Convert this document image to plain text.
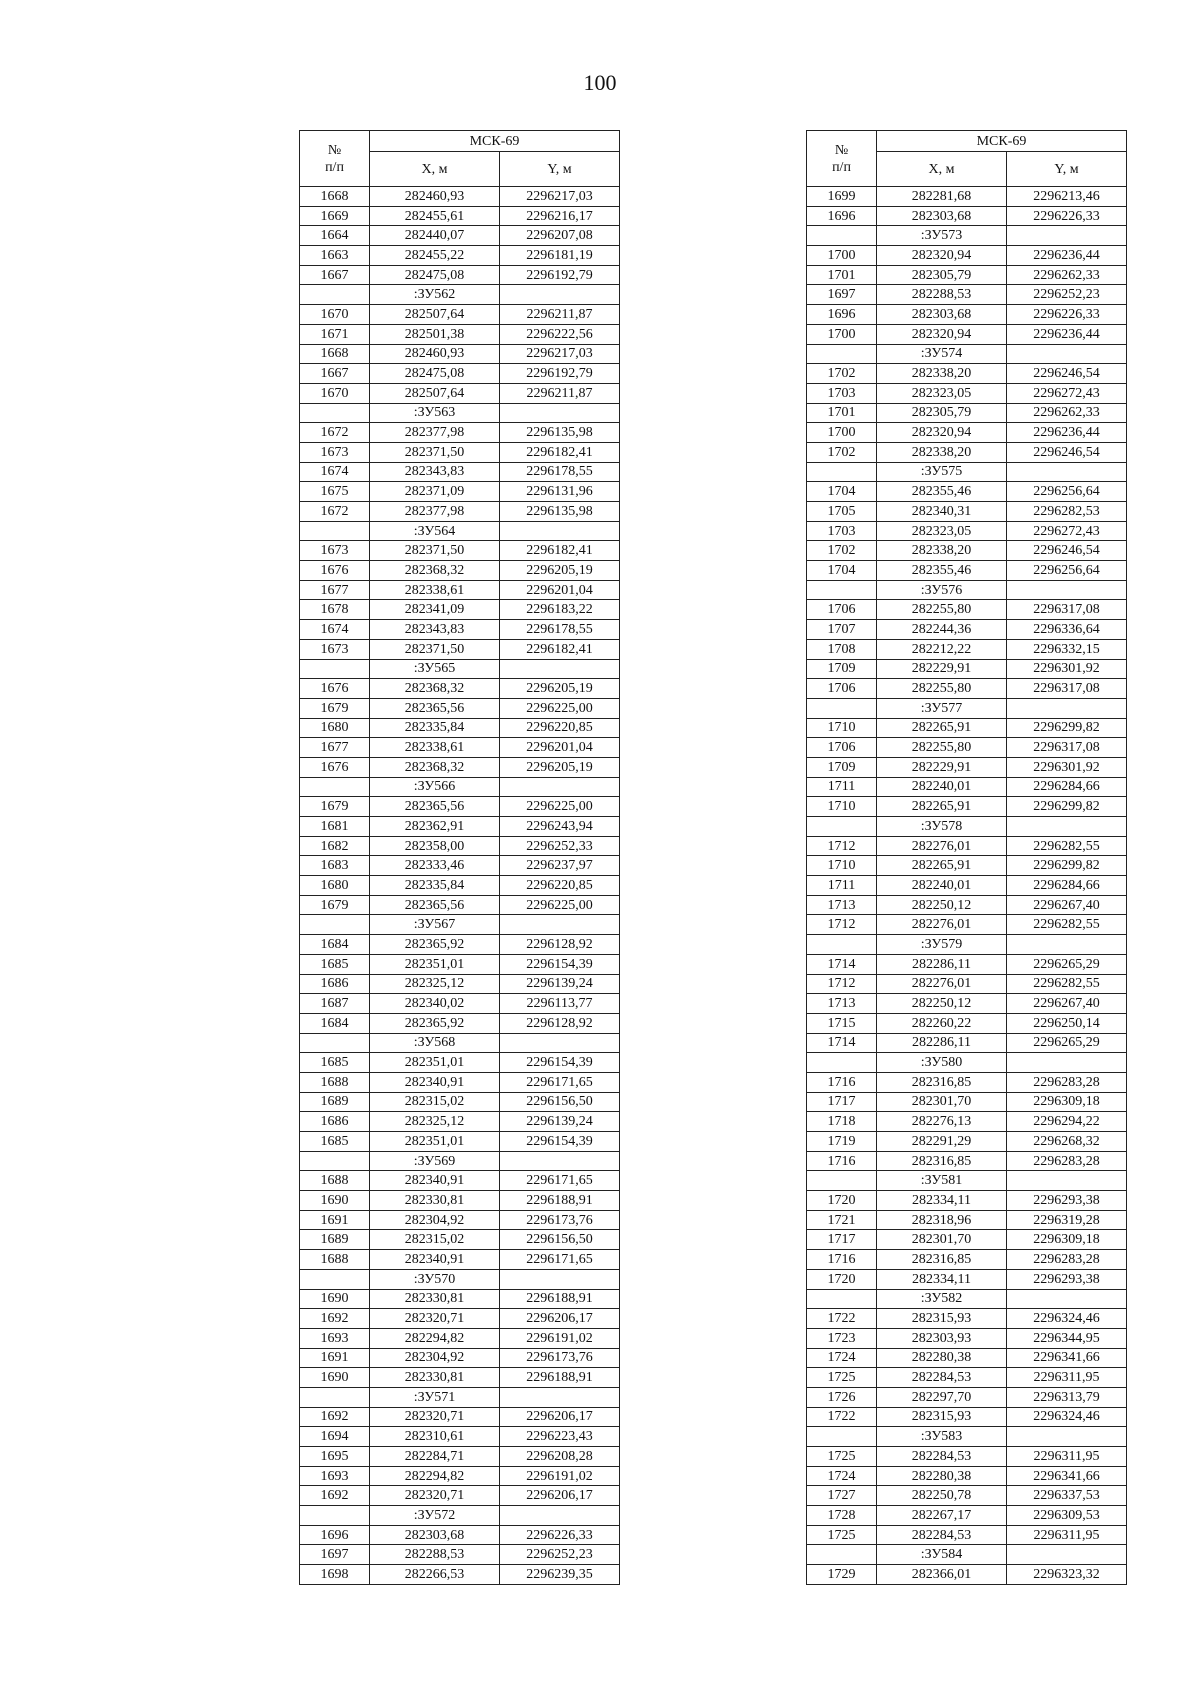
100
№
п/п	МСК-69	
	X, м	Y, м
1668	282460,93	2296217,03
1669	282455,61	2296216,17
1664	282440,07	2296207,08
1663	282455,22	2296181,19
1667	282475,08	2296192,79
	:ЗУ562	
1670	282507,64	2296211,87
1671	282501,38	2296222,56
1668	282460,93	2296217,03
1667	282475,08	2296192,79
1670	282507,64	2296211,87
	:ЗУ563	
1672	282377,98	2296135,98
1673	282371,50	2296182,41
1674	282343,83	2296178,55
1675	282371,09	2296131,96
1672	282377,98	2296135,98
	:ЗУ564	
1673	282371,50	2296182,41
1676	282368,32	2296205,19
1677	282338,61	2296201,04
1678	282341,09	2296183,22
1674	282343,83	2296178,55
1673	282371,50	2296182,41
	:ЗУ565	
1676	282368,32	2296205,19
1679	282365,56	2296225,00
1680	282335,84	2296220,85
1677	282338,61	2296201,04
1676	282368,32	2296205,19
	:ЗУ566	
1679	282365,56	2296225,00
1681	282362,91	2296243,94
1682	282358,00	2296252,33
1683	282333,46	2296237,97
1680	282335,84	2296220,85
1679	282365,56	2296225,00
	:ЗУ567	
1684	282365,92	2296128,92
1685	282351,01	2296154,39
1686	282325,12	2296139,24
1687	282340,02	2296113,77
1684	282365,92	2296128,92
	:ЗУ568	
1685	282351,01	2296154,39
1688	282340,91	2296171,65
1689	282315,02	2296156,50
1686	282325,12	2296139,24
1685	282351,01	2296154,39
	:ЗУ569	
1688	282340,91	2296171,65
1690	282330,81	2296188,91
1691	282304,92	2296173,76
1689	282315,02	2296156,50
1688	282340,91	2296171,65
	:ЗУ570	
1690	282330,81	2296188,91
1692	282320,71	2296206,17
1693	282294,82	2296191,02
1691	282304,92	2296173,76
1690	282330,81	2296188,91
	:ЗУ571	
1692	282320,71	2296206,17
1694	282310,61	2296223,43
1695	282284,71	2296208,28
1693	282294,82	2296191,02
1692	282320,71	2296206,17
	:ЗУ572	
1696	282303,68	2296226,33
1697	282288,53	2296252,23
1698	282266,53	2296239,35
№
п/п	МСК-69	
	X, м	Y, м
1699	282281,68	2296213,46
1696	282303,68	2296226,33
	:ЗУ573	
1700	282320,94	2296236,44
1701	282305,79	2296262,33
1697	282288,53	2296252,23
1696	282303,68	2296226,33
1700	282320,94	2296236,44
	:ЗУ574	
1702	282338,20	2296246,54
1703	282323,05	2296272,43
1701	282305,79	2296262,33
1700	282320,94	2296236,44
1702	282338,20	2296246,54
	:ЗУ575	
1704	282355,46	2296256,64
1705	282340,31	2296282,53
1703	282323,05	2296272,43
1702	282338,20	2296246,54
1704	282355,46	2296256,64
	:ЗУ576	
1706	282255,80	2296317,08
1707	282244,36	2296336,64
1708	282212,22	2296332,15
1709	282229,91	2296301,92
1706	282255,80	2296317,08
	:ЗУ577	
1710	282265,91	2296299,82
1706	282255,80	2296317,08
1709	282229,91	2296301,92
1711	282240,01	2296284,66
1710	282265,91	2296299,82
	:ЗУ578	
1712	282276,01	2296282,55
1710	282265,91	2296299,82
1711	282240,01	2296284,66
1713	282250,12	2296267,40
1712	282276,01	2296282,55
	:ЗУ579	
1714	282286,11	2296265,29
1712	282276,01	2296282,55
1713	282250,12	2296267,40
1715	282260,22	2296250,14
1714	282286,11	2296265,29
	:ЗУ580	
1716	282316,85	2296283,28
1717	282301,70	2296309,18
1718	282276,13	2296294,22
1719	282291,29	2296268,32
1716	282316,85	2296283,28
	:ЗУ581	
1720	282334,11	2296293,38
1721	282318,96	2296319,28
1717	282301,70	2296309,18
1716	282316,85	2296283,28
1720	282334,11	2296293,38
	:ЗУ582	
1722	282315,93	2296324,46
1723	282303,93	2296344,95
1724	282280,38	2296341,66
1725	282284,53	2296311,95
1726	282297,70	2296313,79
1722	282315,93	2296324,46
	:ЗУ583	
1725	282284,53	2296311,95
1724	282280,38	2296341,66
1727	282250,78	2296337,53
1728	282267,17	2296309,53
1725	282284,53	2296311,95
	:ЗУ584	
1729	282366,01	2296323,32
